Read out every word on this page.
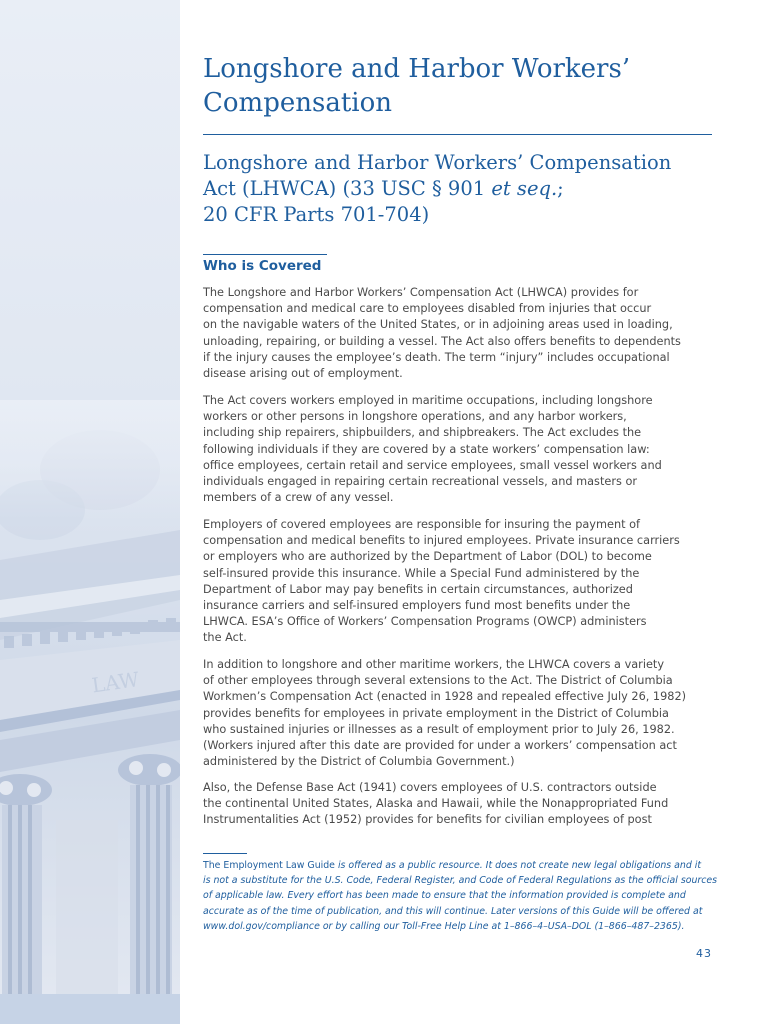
LAW
Longshore and Harbor Workers’
Compensation
Longshore and Harbor Workers’ Compensation
Act (LHWCA) (33 USC § 901 et seq.;
20 CFR Parts 701-704)
Who is Covered

The Longshore and Harbor Workers’ Compensation Act (LHWCA) provides for
compensation and medical care to employees disabled from injuries that occur
on the navigable waters of the United States, or in adjoining areas used in loading,
unloading, repairing, or building a vessel. The Act also offers benefits to dependents
if the injury causes the employee’s death. The term “injury” includes occupational
disease arising out of employment.

The Act covers workers employed in maritime occupations, including longshore
workers or other persons in longshore operations, and any harbor workers,
including ship repairers, shipbuilders, and shipbreakers. The Act excludes the
following individuals if they are covered by a state workers’ compensation law:
office employees, certain retail and service employees, small vessel workers and
individuals engaged in repairing certain recreational vessels, and masters or
members of a crew of any vessel.

Employers of covered employees are responsible for insuring the payment of
compensation and medical benefits to injured employees. Private insurance carriers
or employers who are authorized by the Department of Labor (DOL) to become
self-insured provide this insurance. While a Special Fund administered by the
Department of Labor may pay benefits in certain circumstances, authorized
insurance carriers and self-insured employers fund most benefits under the
LHWCA. ESA’s Office of Workers’ Compensation Programs (OWCP) administers
the Act.

In addition to longshore and other maritime workers, the LHWCA covers a variety
of other employees through several extensions to the Act. The District of Columbia
Workmen’s Compensation Act (enacted in 1928 and repealed effective July 26, 1982)
provides benefits for employees in private employment in the District of Columbia
who sustained injuries or illnesses as a result of employment prior to July 26, 1982.
(Workers injured after this date are provided for under a workers’ compensation act
administered by the District of Columbia Government.)

Also, the Defense Base Act (1941) covers employees of U.S. contractors outside
the continental United States, Alaska and Hawaii, while the Nonappropriated Fund
Instrumentalities Act (1952) provides for benefits for civilian employees of post

The Employment Law Guide is offered as a public resource. It does not create new legal obligations and it
is not a substitute for the U.S. Code, Federal Register, and Code of Federal Regulations as the official sources
of applicable law. Every effort has been made to ensure that the information provided is complete and
accurate as of the time of publication, and this will continue. Later versions of this Guide will be offered at
www.dol.gov/compliance or by calling our Toll-Free Help Line at 1–866–4–USA–DOL (1–866–487–2365).

43
